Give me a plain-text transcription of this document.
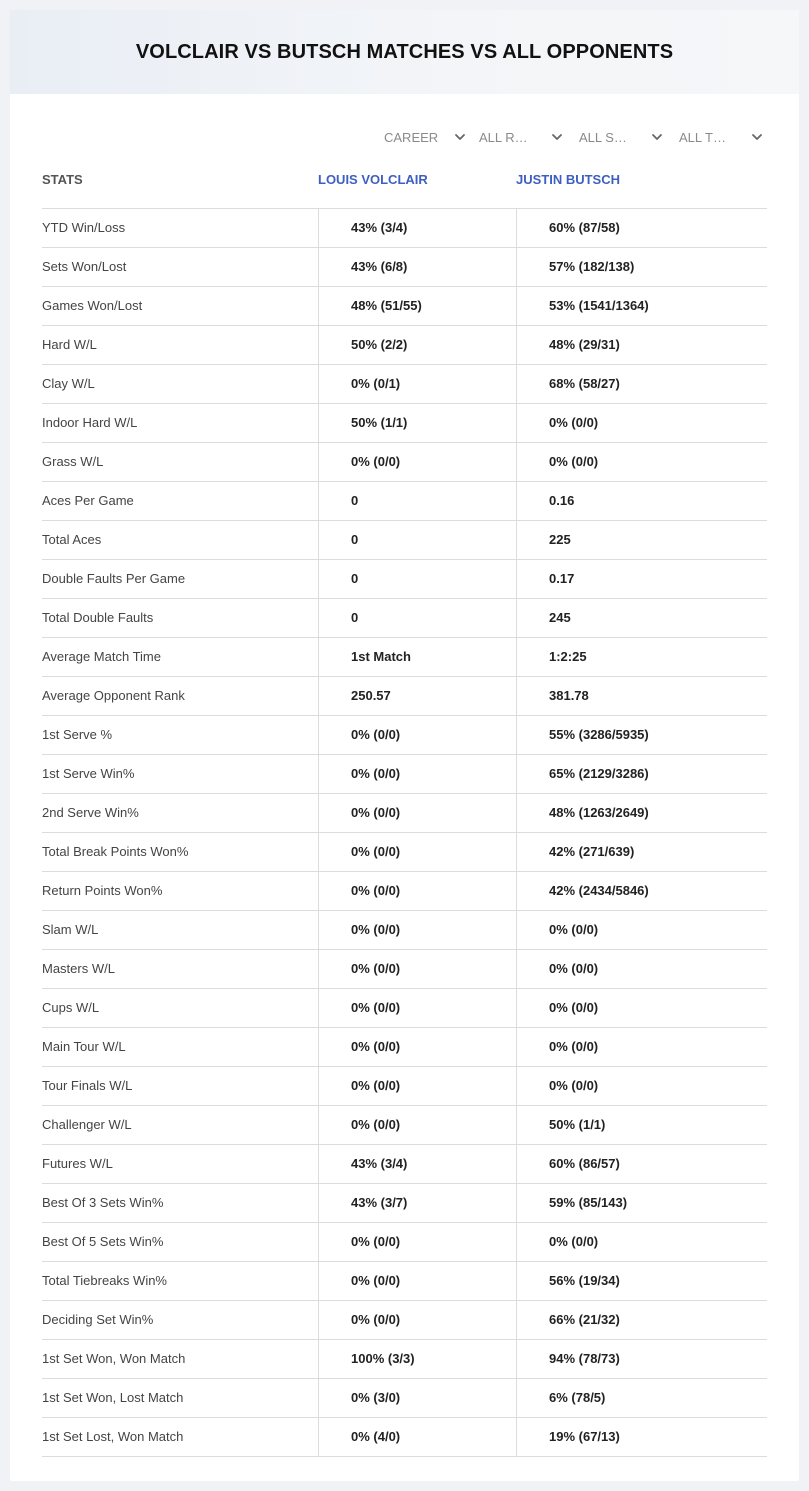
VOLCLAIR VS BUTSCH MATCHES VS ALL OPPONENTS
CAREER	ALL R…	ALL S…	ALL T…
STATS	LOUIS VOLCLAIR	JUSTIN BUTSCH
YTD Win/Loss	43% (3/4)	60% (87/58)
Sets Won/Lost	43% (6/8)	57% (182/138)
Games Won/Lost	48% (51/55)	53% (1541/1364)
Hard W/L	50% (2/2)	48% (29/31)
Clay W/L	0% (0/1)	68% (58/27)
Indoor Hard W/L	50% (1/1)	0% (0/0)
Grass W/L	0% (0/0)	0% (0/0)
Aces Per Game	0	0.16
Total Aces	0	225
Double Faults Per Game	0	0.17
Total Double Faults	0	245
Average Match Time	1st Match	1:2:25
Average Opponent Rank	250.57	381.78
1st Serve %	0% (0/0)	55% (3286/5935)
1st Serve Win%	0% (0/0)	65% (2129/3286)
2nd Serve Win%	0% (0/0)	48% (1263/2649)
Total Break Points Won%	0% (0/0)	42% (271/639)
Return Points Won%	0% (0/0)	42% (2434/5846)
Slam W/L	0% (0/0)	0% (0/0)
Masters W/L	0% (0/0)	0% (0/0)
Cups W/L	0% (0/0)	0% (0/0)
Main Tour W/L	0% (0/0)	0% (0/0)
Tour Finals W/L	0% (0/0)	0% (0/0)
Challenger W/L	0% (0/0)	50% (1/1)
Futures W/L	43% (3/4)	60% (86/57)
Best Of 3 Sets Win%	43% (3/7)	59% (85/143)
Best Of 5 Sets Win%	0% (0/0)	0% (0/0)
Total Tiebreaks Win%	0% (0/0)	56% (19/34)
Deciding Set Win%	0% (0/0)	66% (21/32)
1st Set Won, Won Match	100% (3/3)	94% (78/73)
1st Set Won, Lost Match	0% (3/0)	6% (78/5)
1st Set Lost, Won Match	0% (4/0)	19% (67/13)
